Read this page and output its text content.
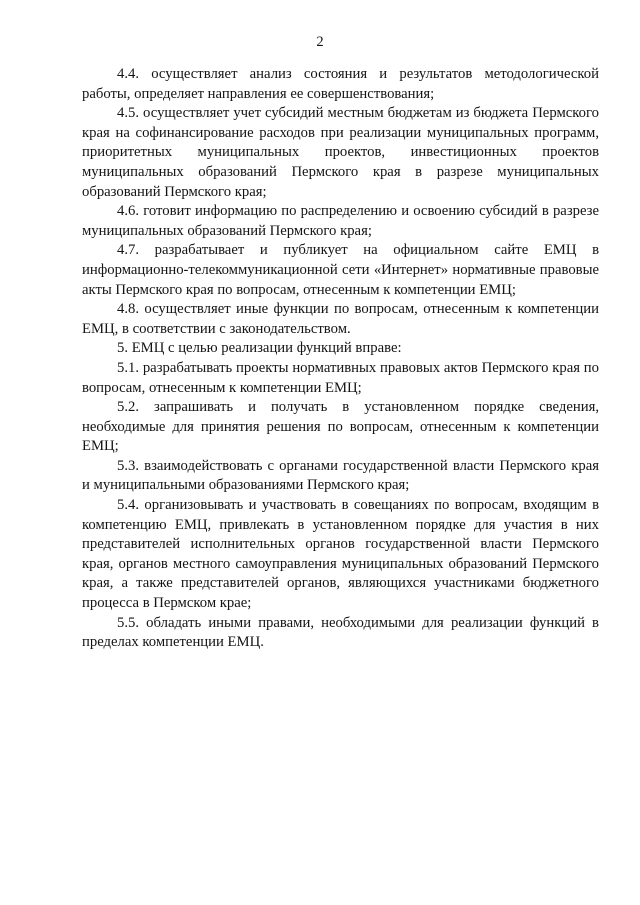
2

4.4. осуществляет анализ состояния и результатов методологической работы, определяет направления ее совершенствования;

4.5. осуществляет учет субсидий местным бюджетам из бюджета Пермского края на софинансирование расходов при реализации муниципальных программ, приоритетных муниципальных проектов, инвестиционных проектов муниципальных образований Пермского края в разрезе муниципальных образований Пермского края;

4.6. готовит информацию по распределению и освоению субсидий в разрезе муниципальных образований Пермского края;

4.7. разрабатывает и публикует на официальном сайте ЕМЦ в информационно-телекоммуникационной сети «Интернет» нормативные правовые акты Пермского края по вопросам, отнесенным к компетенции ЕМЦ;

4.8. осуществляет иные функции по вопросам, отнесенным к компетенции ЕМЦ, в соответствии с законодательством.

5. ЕМЦ с целью реализации функций вправе:

5.1. разрабатывать проекты нормативных правовых актов Пермского края по вопросам, отнесенным к компетенции ЕМЦ;

5.2. запрашивать и получать в установленном порядке сведения, необходимые для принятия решения по вопросам, отнесенным к компетенции ЕМЦ;

5.3. взаимодействовать с органами государственной власти Пермского края и муниципальными образованиями Пермского края;

5.4. организовывать и участвовать в совещаниях по вопросам, входящим в компетенцию ЕМЦ, привлекать в установленном порядке для участия в них представителей исполнительных органов государственной власти Пермского края, органов местного самоуправления муниципальных образований Пермского края, а также представителей органов, являющихся участниками бюджетного процесса в Пермском крае;

5.5. обладать иными правами, необходимыми для реализации функций в пределах компетенции ЕМЦ.
